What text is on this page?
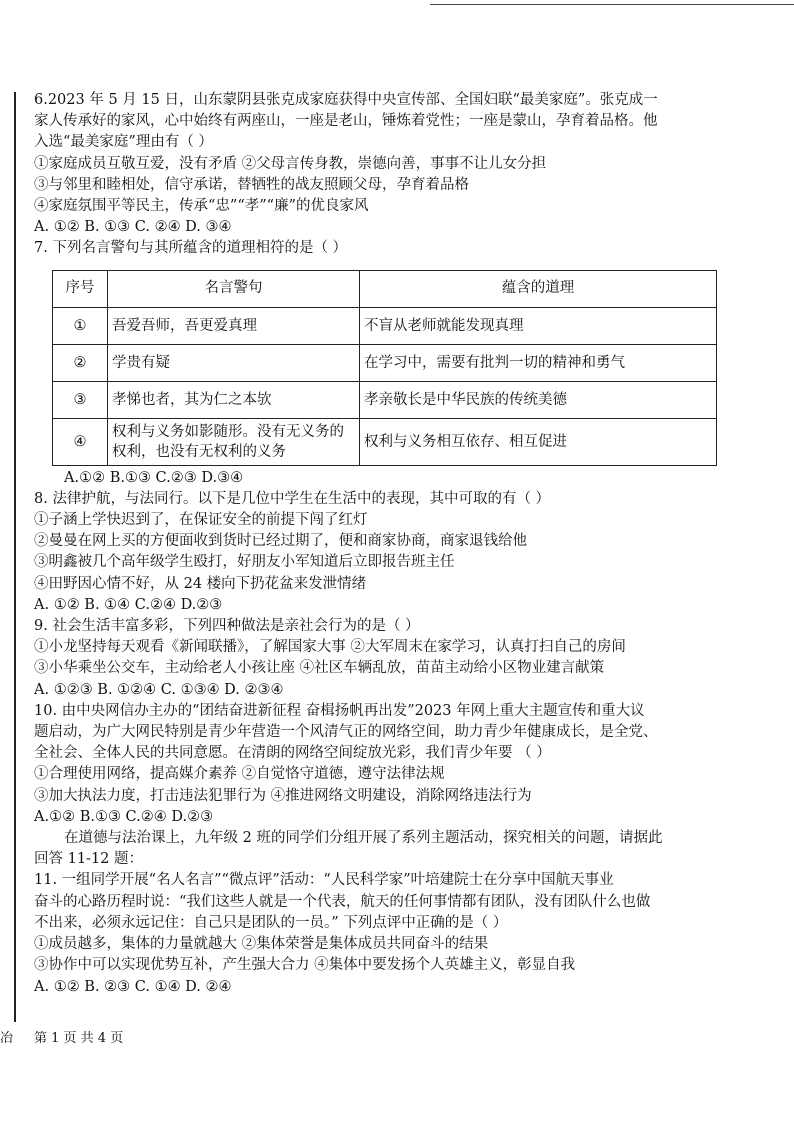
6.2023 年 5 月 15 日，山东蒙阴县张克成家庭获得中央宣传部、全国妇联“最美家庭”。张克成一
家人传承好的家风，心中始终有两座山，一座是老山，锤炼着党性；一座是蒙山，孕育着品格。他
入选“最美家庭”理由有（ ）
①家庭成员互敬互爱，没有矛盾 ②父母言传身教，崇德向善，事事不让儿女分担
③与邻里和睦相处，信守承诺，替牺牲的战友照顾父母，孕育着品格
④家庭氛围平等民主，传承“忠”“孝”“廉”的优良家风
A. ①② B. ①③ C. ②④ D. ③④
7. 下列名言警句与其所蕴含的道理相符的是（ ）
序号	名言警句	蕴含的道理
①	吾爱吾师，吾更爱真理	不盲从老师就能发现真理
②	学贵有疑	在学习中，需要有批判一切的精神和勇气
③	孝悌也者，其为仁之本欤	孝亲敬长是中华民族的传统美德
④	权利与义务如影随形。没有无义务的权利，也没有无权利的义务	权利与义务相互依存、相互促进
A.①② B.①③ C.②③ D.③④
8. 法律护航，与法同行。以下是几位中学生在生活中的表现，其中可取的有（ ）
①子涵上学快迟到了，在保证安全的前提下闯了红灯
②曼曼在网上买的方便面收到货时已经过期了，便和商家协商，商家退钱给他
③明鑫被几个高年级学生殴打，好朋友小军知道后立即报告班主任
④田野因心情不好，从 24 楼向下扔花盆来发泄情绪
A. ①② B. ①④ C.②④ D.②③
9. 社会生活丰富多彩，下列四种做法是亲社会行为的是（ ）
①小龙坚持每天观看《新闻联播》，了解国家大事 ②大军周末在家学习，认真打扫自己的房间
③小华乘坐公交车，主动给老人小孩让座 ④社区车辆乱放，苗苗主动给小区物业建言献策
A. ①②③ B. ①②④ C. ①③④ D. ②③④
10. 由中央网信办主办的“团结奋进新征程 奋楫扬帆再出发”2023 年网上重大主题宣传和重大议
题启动，为广大网民特别是青少年营造一个风清气正的网络空间，助力青少年健康成长，是全党、
全社会、全体人民的共同意愿。在清朗的网络空间绽放光彩，我们青少年要 （ ）
①合理使用网络，提高媒介素养 ②自觉恪守道德，遵守法律法规
③加大执法力度，打击违法犯罪行为 ④推进网络文明建设，消除网络违法行为
A.①② B.①③ C.②④ D.②③
在道德与法治课上，九年级 2 班的同学们分组开展了系列主题活动，探究相关的问题，请据此
回答 11-12 题：
11. 一组同学开展“名人名言”“微点评”活动：“人民科学家”叶培建院士在分享中国航天事业
奋斗的心路历程时说：“我们这些人就是一个代表，航天的任何事情都有团队，没有团队什么也做
不出来，必须永远记住：自己只是团队的一员。” 下列点评中正确的是（ ）
①成员越多，集体的力量就越大 ②集体荣誉是集体成员共同奋斗的结果
③协作中可以实现优势互补，产生强大合力 ④集体中要发扬个人英雄主义，彰显自我
A. ①② B. ②③ C. ①④ D. ②④
冶 第 1 页 共 4 页
